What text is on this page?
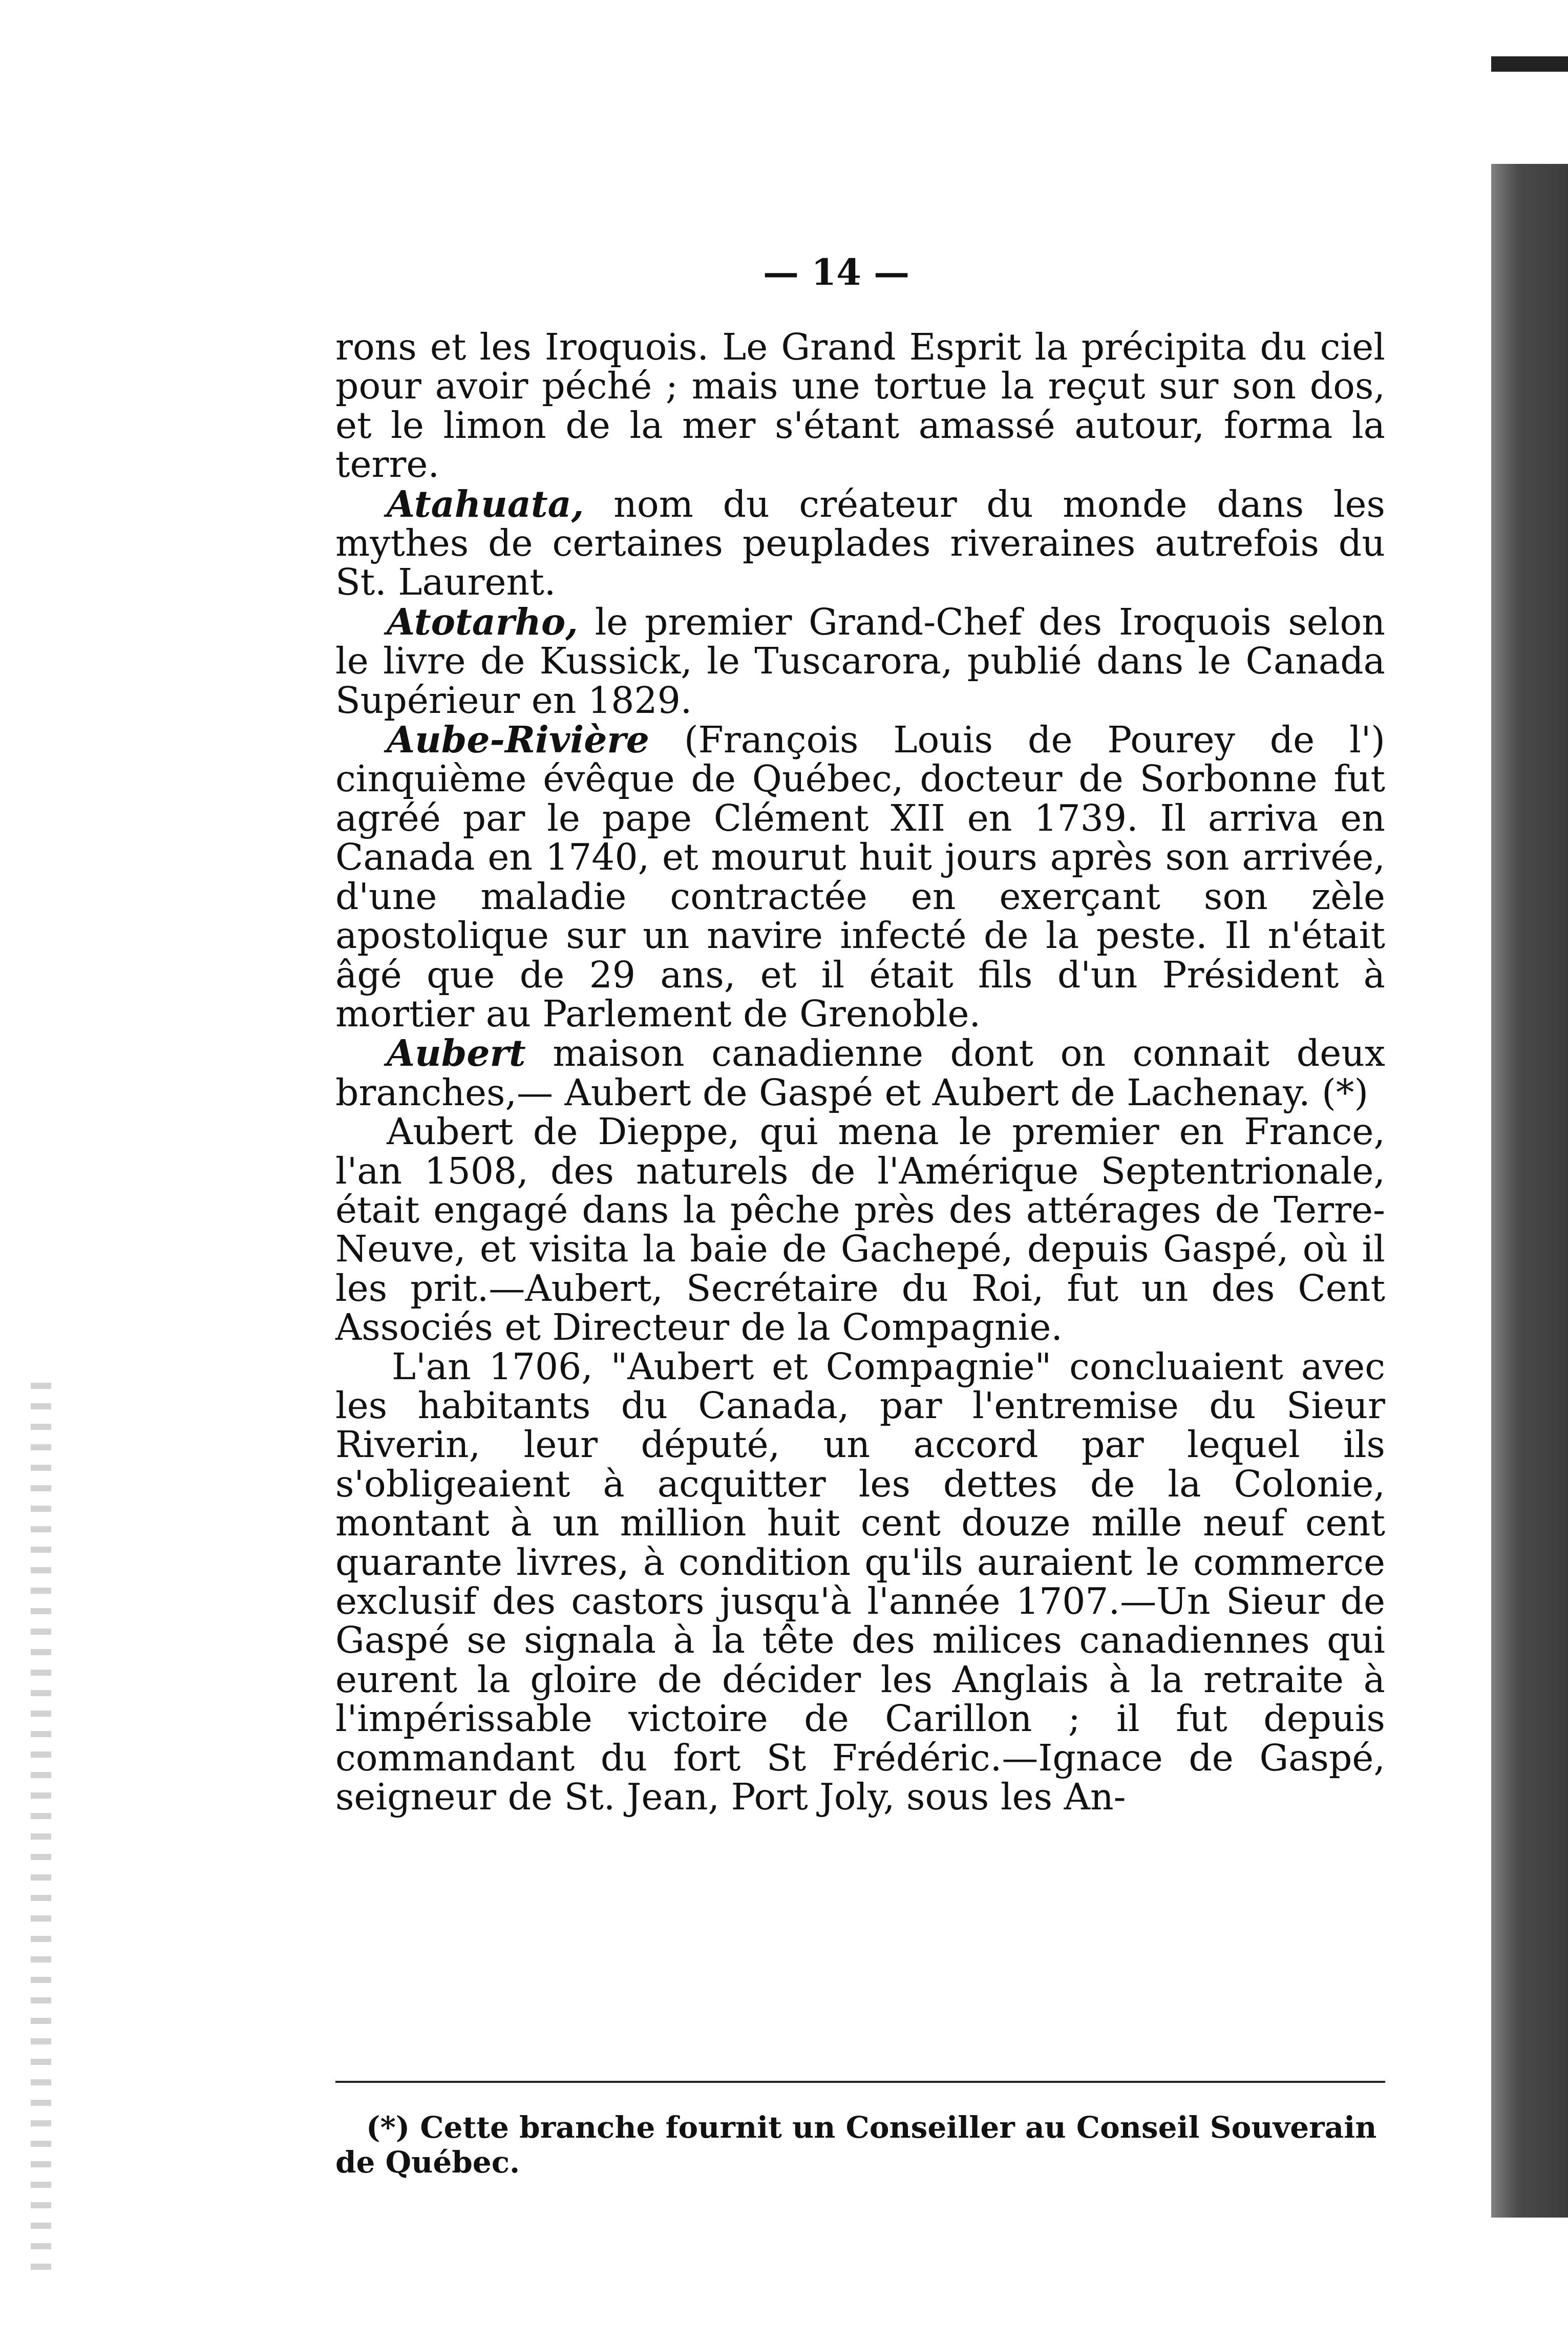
— 14 —

rons et les Iroquois. Le Grand Esprit la précipita du ciel pour avoir péché ; mais une tortue la reçut sur son dos, et le limon de la mer s'étant amassé autour, forma la terre.

Atahuata, nom du créateur du monde dans les mythes de certaines peuplades riveraines autrefois du St. Laurent.

Atotarho, le premier Grand-Chef des Iroquois selon le livre de Kussick, le Tuscarora, publié dans le Canada Supérieur en 1829.

Aube-Rivière (François Louis de Pourey de l') cinquième évêque de Québec, docteur de Sorbonne fut agréé par le pape Clément XII en 1739. Il arriva en Canada en 1740, et mourut huit jours après son arrivée, d'une maladie contractée en exerçant son zèle apostolique sur un navire infecté de la peste. Il n'était âgé que de 29 ans, et il était fils d'un Président à mortier au Parlement de Grenoble.

Aubert maison canadienne dont on connait deux branches,— Aubert de Gaspé et Aubert de Lachenay. (*)

Aubert de Dieppe, qui mena le premier en France, l'an 1508, des naturels de l'Amérique Septentrionale, était engagé dans la pêche près des attérages de Terre-Neuve, et visita la baie de Gachepé, depuis Gaspé, où il les prit.—Aubert, Secrétaire du Roi, fut un des Cent Associés et Directeur de la Compagnie.

L'an 1706, "Aubert et Compagnie" concluaient avec les habitants du Canada, par l'entremise du Sieur Riverin, leur député, un accord par lequel ils s'obligeaient à acquitter les dettes de la Colonie, montant à un million huit cent douze mille neuf cent quarante livres, à condition qu'ils auraient le commerce exclusif des castors jusqu'à l'année 1707.—Un Sieur de Gaspé se signala à la tête des milices canadiennes qui eurent la gloire de décider les Anglais à la retraite à l'impérissable victoire de Carillon ; il fut depuis commandant du fort St Frédéric.—Ignace de Gaspé, seigneur de St. Jean, Port Joly, sous les An-

(*) Cette branche fournit un Conseiller au Conseil Souverain de Québec.
